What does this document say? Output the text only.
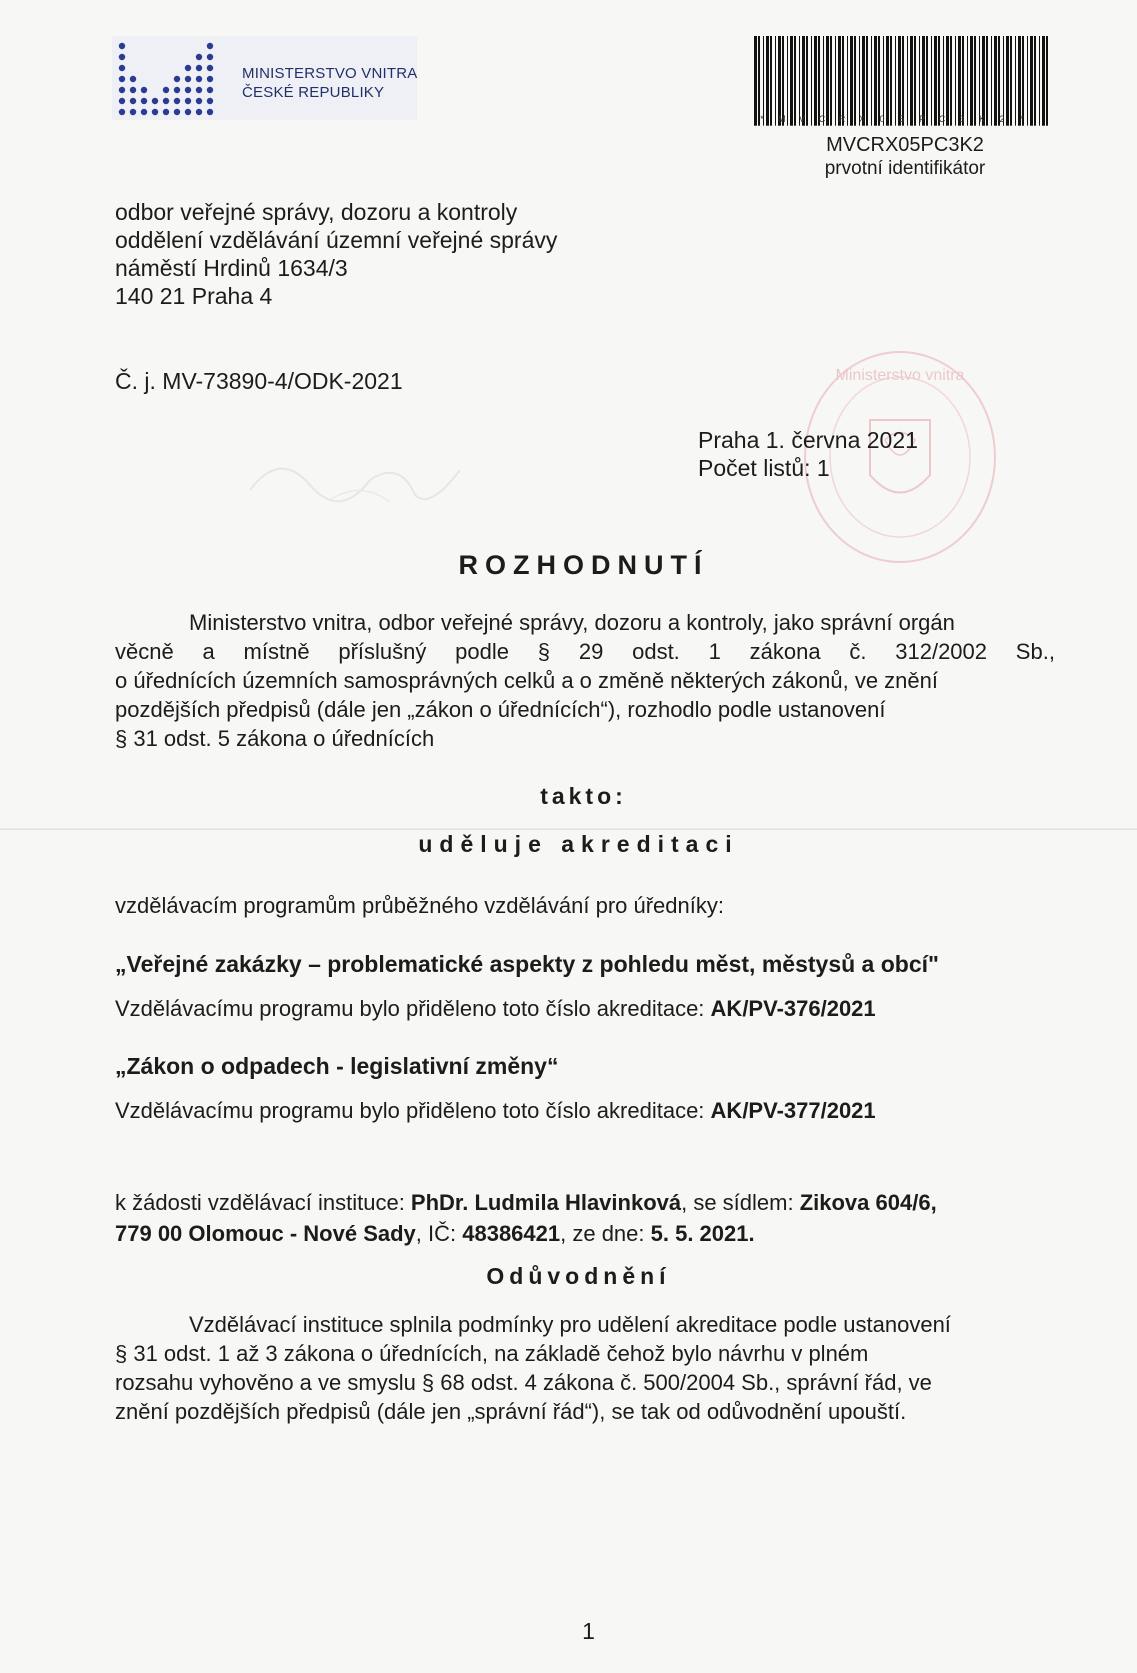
MINISTERSTVO VNITRA
ČESKÉ REPUBLIKY
* M V C R X 0 5 P C 3 K 2 *
MVCRX05PC3K2
prvotní identifikátor
Ministerstvo vnitra
odbor veřejné správy, dozoru a kontroly
oddělení vzdělávání územní veřejné správy
náměstí Hrdinů 1634/3
140 21 Praha 4
Č. j. MV-73890-4/ODK-2021
Praha 1. června 2021
Počet listů: 1
ROZHODNUTÍ
Ministerstvo vnitra, odbor veřejné správy, dozoru a kontroly, jako správní orgán
věcně a místně příslušný podle § 29 odst. 1 zákona č. 312/2002 Sb.,
o úřednících územních samosprávných celků a o změně některých zákonů, ve znění
pozdějších předpisů (dále jen „zákon o úřednících“), rozhodlo podle ustanovení
§ 31 odst. 5 zákona o úřednících
takto:
uděluje akreditaci
vzdělávacím programům průběžného vzdělávání pro úředníky:
„Veřejné zakázky – problematické aspekty z pohledu měst, městysů a obcí"
Vzdělávacímu programu bylo přiděleno toto číslo akreditace: AK/PV-376/2021
„Zákon o odpadech - legislativní změny“
Vzdělávacímu programu bylo přiděleno toto číslo akreditace: AK/PV-377/2021
k žádosti vzdělávací instituce: PhDr. Ludmila Hlavinková, se sídlem: Zikova 604/6,
779 00 Olomouc - Nové Sady, IČ: 48386421, ze dne: 5. 5. 2021.
Odůvodnění
Vzdělávací instituce splnila podmínky pro udělení akreditace podle ustanovení
§ 31 odst. 1 až 3 zákona o úřednících, na základě čehož bylo návrhu v plném
rozsahu vyhověno a ve smyslu § 68 odst. 4 zákona č. 500/2004 Sb., správní řád, ve
znění pozdějších předpisů (dále jen „správní řád“), se tak od odůvodnění upouští.
1
